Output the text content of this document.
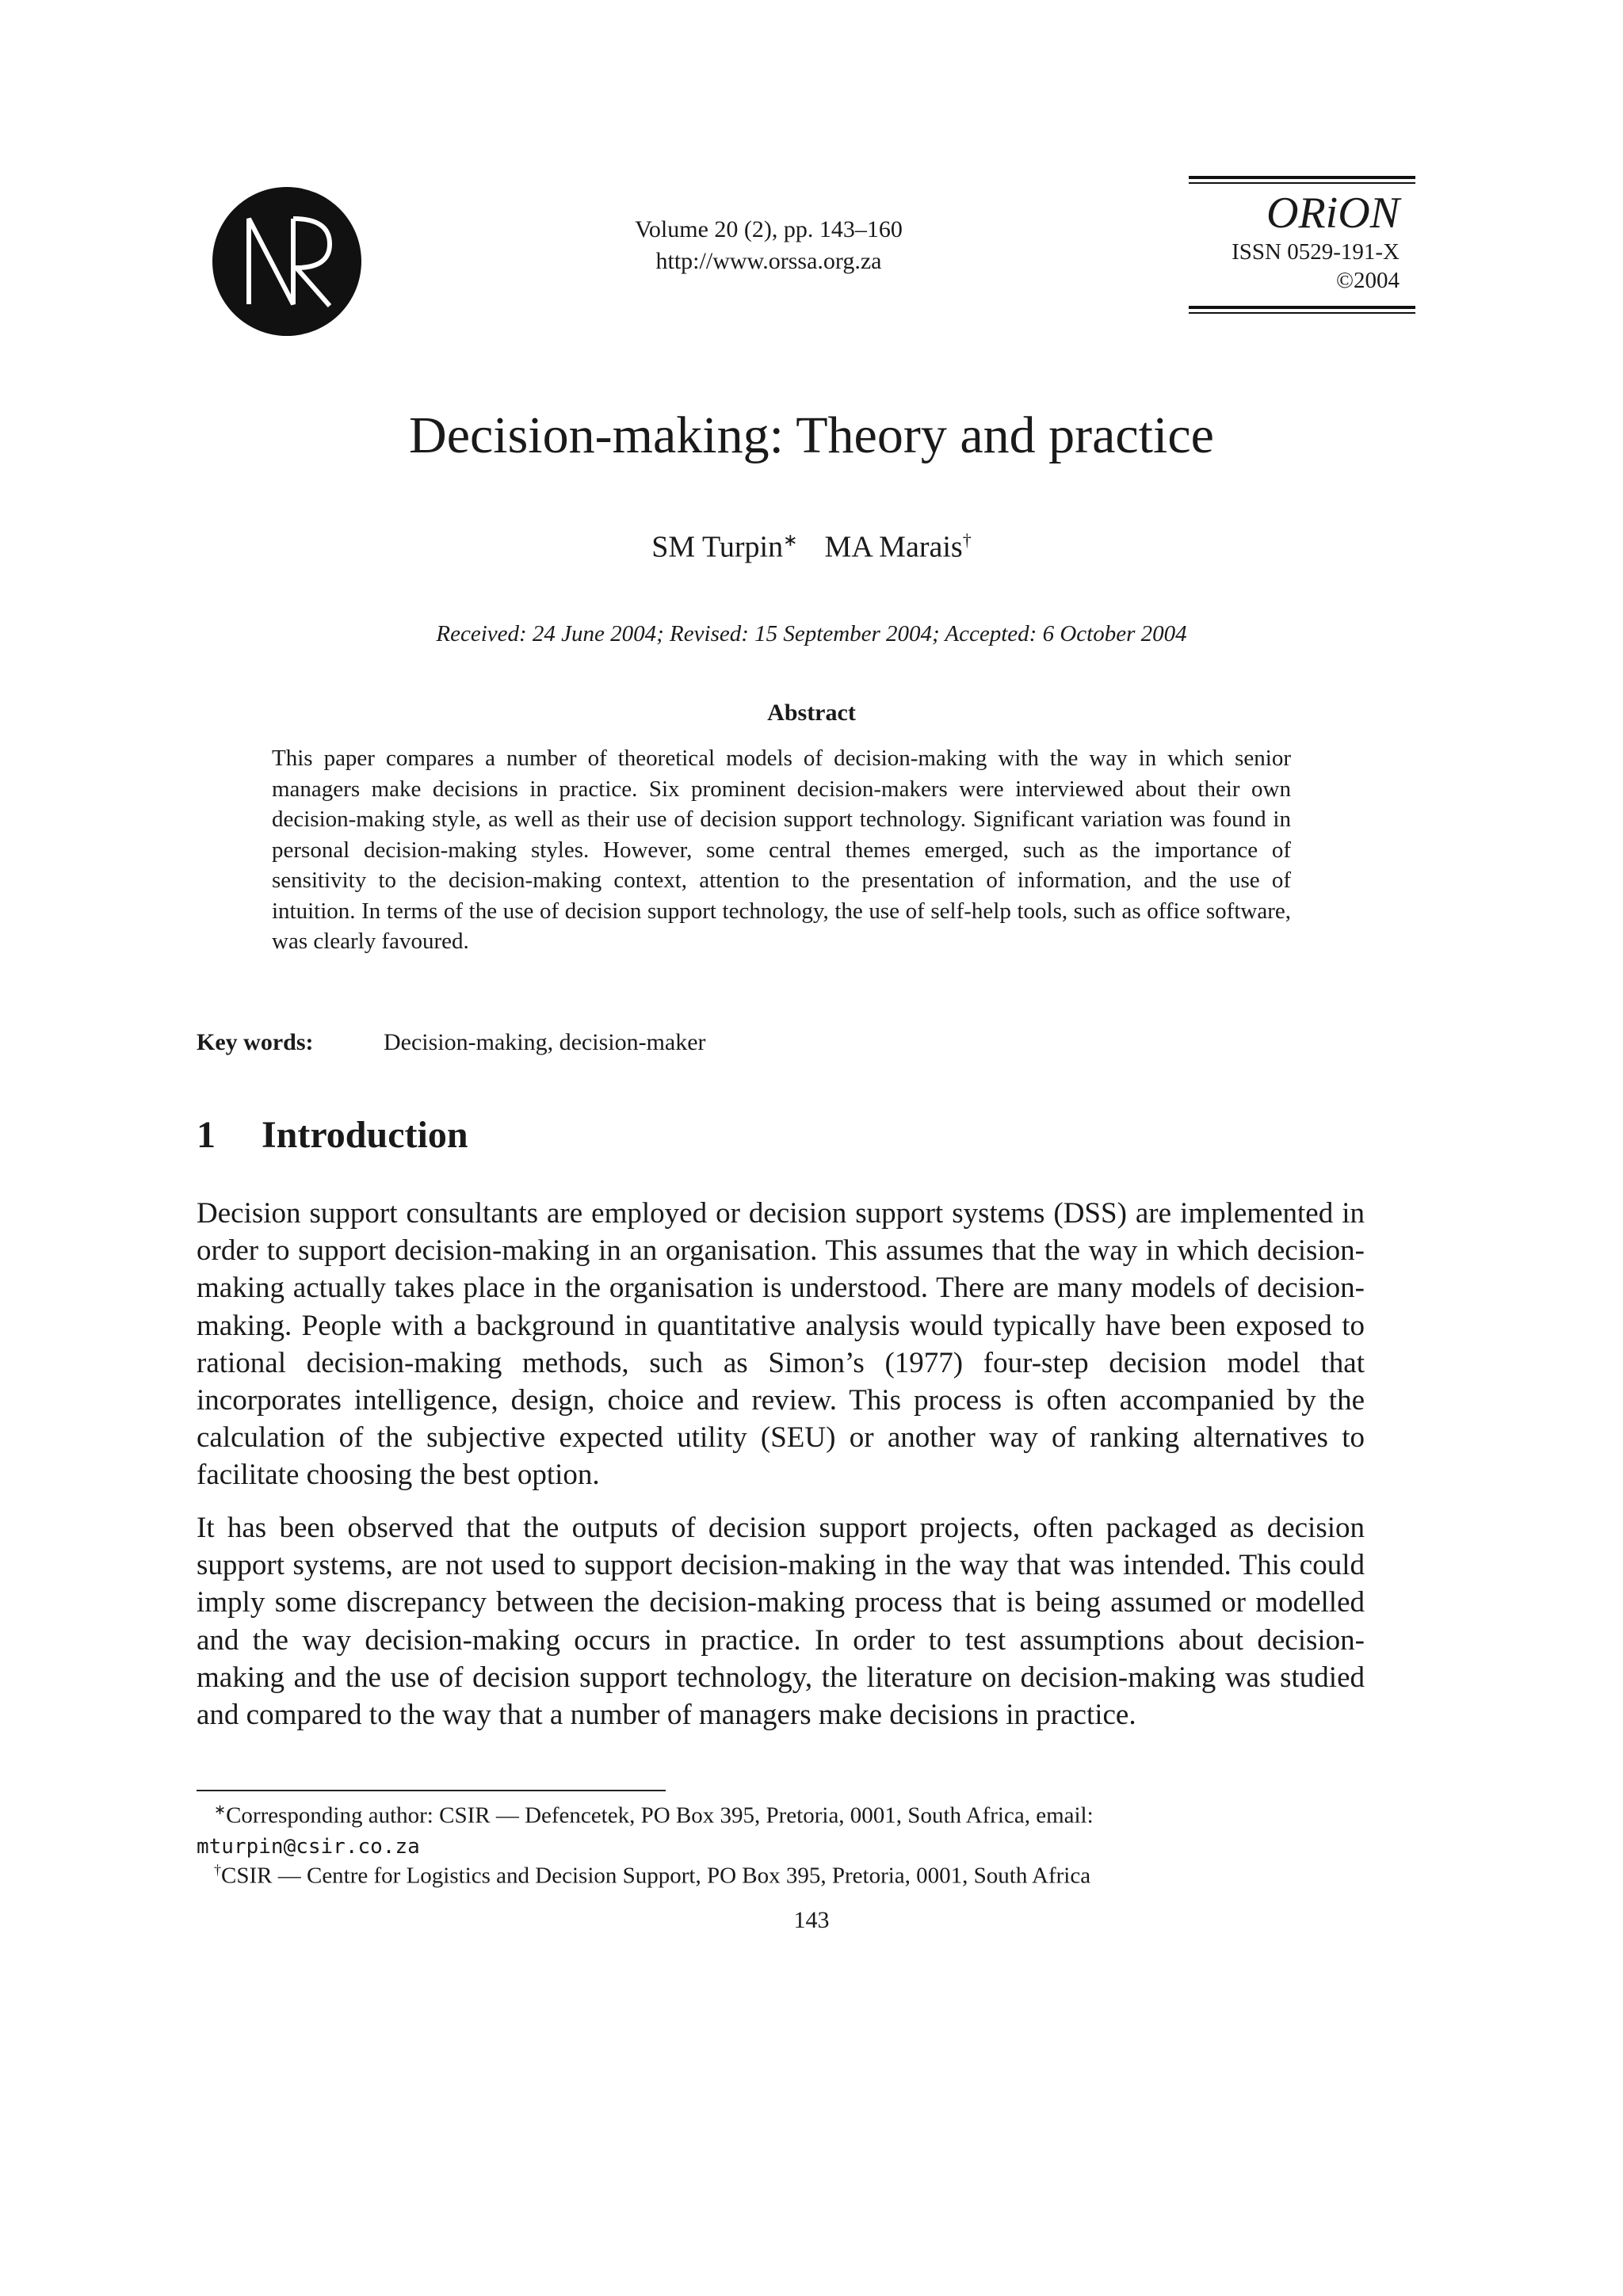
Volume 20 (2), pp. 143–160
http://www.orssa.org.za
ORiON
ISSN 0529-191-X
©2004
Decision-making: Theory and practice
SM Turpin∗ MA Marais†
Received: 24 June 2004; Revised: 15 September 2004; Accepted: 6 October 2004
Abstract
This paper compares a number of theoretical models of decision-making with the way in which senior managers make decisions in practice. Six prominent decision-makers were interviewed about their own decision-making style, as well as their use of decision support technology. Significant variation was found in personal decision-making styles. However, some central themes emerged, such as the importance of sensitivity to the decision-making context, attention to the presentation of information, and the use of intuition. In terms of the use of decision support technology, the use of self-help tools, such as office software, was clearly favoured.
Key words:	Decision-making, decision-maker
1 Introduction
Decision support consultants are employed or decision support systems (DSS) are implemented in order to support decision-making in an organisation. This assumes that the way in which decision-making actually takes place in the organisation is understood. There are many models of decision-making. People with a background in quantitative analysis would typically have been exposed to rational decision-making methods, such as Simon’s (1977) four-step decision model that incorporates intelligence, design, choice and review. This process is often accompanied by the calculation of the subjective expected utility (SEU) or another way of ranking alternatives to facilitate choosing the best option.
It has been observed that the outputs of decision support projects, often packaged as decision support systems, are not used to support decision-making in the way that was intended. This could imply some discrepancy between the decision-making process that is being assumed or modelled and the way decision-making occurs in practice. In order to test assumptions about decision-making and the use of decision support technology, the literature on decision-making was studied and compared to the way that a number of managers make decisions in practice.
∗Corresponding author: CSIR — Defencetek, PO Box 395, Pretoria, 0001, South Africa, email:
mturpin@csir.co.za
†CSIR — Centre for Logistics and Decision Support, PO Box 395, Pretoria, 0001, South Africa
143
